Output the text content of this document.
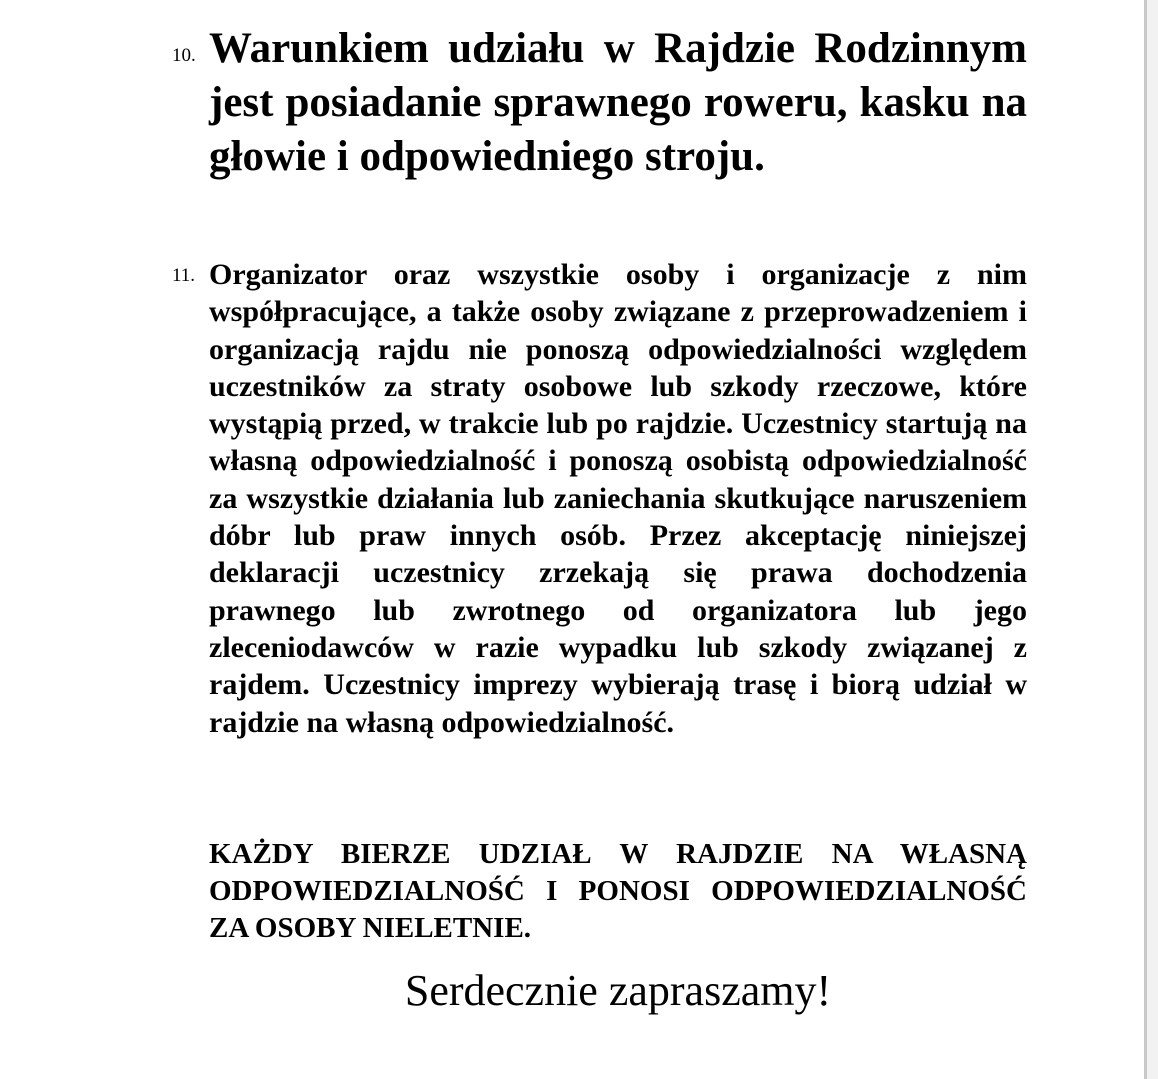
10. Warunkiem udziału w Rajdzie Rodzinnym jest posiadanie sprawnego roweru, kasku na głowie i odpowiedniego stroju.
11. Organizator oraz wszystkie osoby i organizacje z nim współpracujące, a także osoby związane z przeprowadzeniem i organizacją rajdu nie ponoszą odpowiedzialności względem uczestników za straty osobowe lub szkody rzeczowe, które wystąpią przed, w trakcie lub po rajdzie. Uczestnicy startują na własną odpowiedzialność i ponoszą osobistą odpowiedzialność za wszystkie działania lub zaniechania skutkujące naruszeniem dóbr lub praw innych osób. Przez akceptację niniejszej deklaracji uczestnicy zrzekają się prawa dochodzenia prawnego lub zwrotnego od organizatora lub jego zleceniodawców w razie wypadku lub szkody związanej z rajdem. Uczestnicy imprezy wybierają trasę i biorą udział w rajdzie na własną odpowiedzialność.
KAŻDY BIERZE UDZIAŁ W RAJDZIE NA WŁASNĄ ODPOWIEDZIALNOŚĆ I PONOSI ODPOWIEDZIALNOŚĆ ZA OSOBY NIELETNIE.
Serdecznie zapraszamy!
